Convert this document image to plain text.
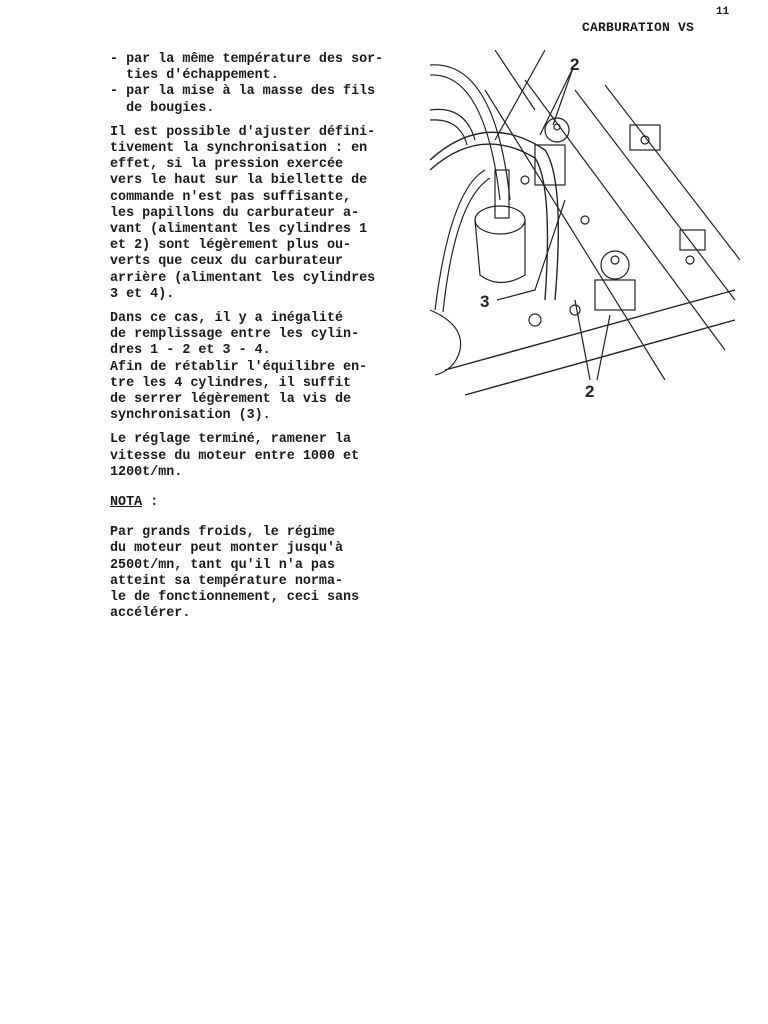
11
CARBURATION VS
- par la même température des sor-
ties d'échappement.
- par la mise à la masse des fils
de bougies.
Il est possible d'ajuster défini-
tivement la synchronisation : en
effet, si la pression exercée
vers le haut sur la biellette de
commande n'est pas suffisante,
les papillons du carburateur a-
vant (alimentant les cylindres 1
et 2) sont légèrement plus ou-
verts que ceux du carburateur
arrière (alimentant les cylindres
3 et 4).
Dans ce cas, il y a inégalité
de remplissage entre les cylin-
dres 1 - 2 et 3 - 4.
Afin de rétablir l'équilibre en-
tre les 4 cylindres, il suffit
de serrer légèrement la vis de
synchronisation (3).
Le réglage terminé, ramener la
vitesse du moteur entre 1000 et
1200t/mn.
NOTA :
Par grands froids, le régime
du moteur peut monter jusqu'à
2500t/mn, tant qu'il n'a pas
atteint sa température norma-
le de fonctionnement, ceci sans
accélérer.
2
3
2
